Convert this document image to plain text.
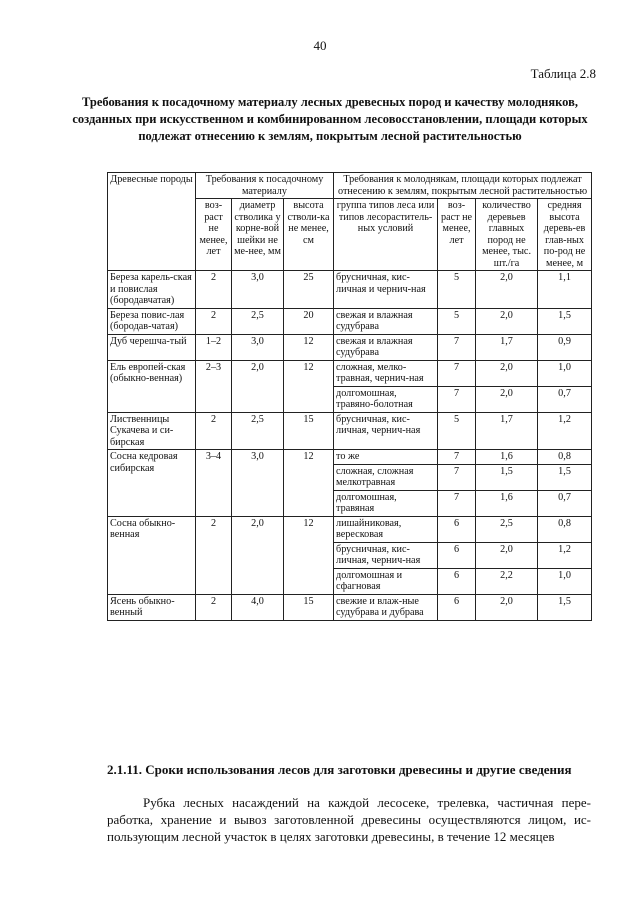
40
Таблица 2.8
Требования к посадочному материалу лесных древесных пород и качеству молодняков, созданных при искусственном и комбинированном лесовосстановлении, площади которых подлежат отнесению к землям, покрытым лесной растительностью
Древесные породы	Требования к посадочному материалу			Требования к молоднякам, площади которых подлежат отнесению к землям, покрытым лесной растительностью			
	воз-раст не менее, лет	диаметр стволика у корне-вой шейки не ме-нее, мм	высота стволи-ка не менее, см	группа типов леса или типов лесораститель-ных условий	воз-раст не менее, лет	количество деревьев главных пород не менее, тыс. шт./га	средняя высота деревь-ев глав-ных по-род не менее, м
Береза карель-ская и повислая (бородавчатая)	2	3,0	25	брусничная, кис-личная и чернич-ная	5	2,0	1,1
Береза повис-лая (бородав-чатая)	2	2,5	20	свежая и влажная судубрава	5	2,0	1,5
Дуб черешча-тый	1–2	3,0	12	свежая и влажная судубрава	7	1,7	0,9
Ель европей-ская (обыкно-венная)	2–3	2,0	12	сложная, мелко-травная, чернич-ная	7	2,0	1,0
				долгомошная, травяно-болотная	7	2,0	0,7
Лиственницы Сукачева и си-бирская	2	2,5	15	брусничная, кис-личная, чернич-ная	5	1,7	1,2
Сосна кедровая сибирская	3–4	3,0	12	то же	7	1,6	0,8
				сложная, сложная мелкотравная	7	1,5	1,5
				долгомошная, травяная	7	1,6	0,7
Сосна обыкно-венная	2	2,0	12	лишайниковая, вересковая	6	2,5	0,8
				брусничная, кис-личная, чернич-ная	6	2,0	1,2
				долгомошная и сфагновая	6	2,2	1,0
Ясень обыкно-венный	2	4,0	15	свежие и влаж-ные судубрава и дубрава	6	2,0	1,5
2.1.11. Сроки использования лесов для заготовки древесины и другие сведения
Рубка лесных насаждений на каждой лесосеке, трелевка, частичная пере-работка, хранение и вывоз заготовленной древесины осуществляются лицом, ис-пользующим лесной участок в целях заготовки древесины, в течение 12 месяцев
